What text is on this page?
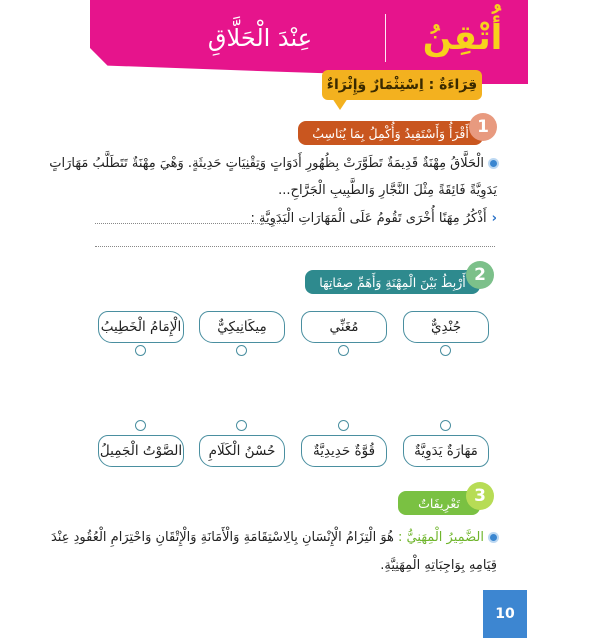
أُتْقِنُ
عِنْدَ الْحَلَّاقِ
قِرَاءَةٌ : اِسْتِثْمَارٌ وَإِثْرَاءٌ
أَقْرَأُ وَأَسْتَفِيدُ وَأُكْمِلُ بِمَا يُنَاسِبُ 1
الْحَلَّاقُ مِهْنَةٌ قَدِيمَةٌ تَطَوَّرَتْ بِظُهُورِ أَدَوَاتٍ وَتِقْنِيَاتٍ حَدِيثَةٍ. وَهْيَ مِهْنَةٌ تَتَطَلَّبُ مَهَارَاتٍ
يَدَوِيَّةً فَائِقَةً مِثْلَ النَّجَّارِ وَالطَّبِيبِ الْجَرَّاحِ...
‹أَذْكُرُ مِهَنًا أُخْرَى تَقُومُ عَلَى الْمَهَارَاتِ الْيَدَوِيَّةِ :
أَرْبِطُ بَيْنَ الْمِهْنَةِ وَأَهَمِّ صِفَاتِهَا 2
جُنْدِيٌّ
مُغَنِّي
مِيكَانِيكِيٌّ
الْإِمَامُ الْخَطِيبُ
مَهَارَةٌ يَدَوِيَّةٌ
قُوَّةٌ حَدِيدِيَّةٌ
حُسْنُ الْكَلَامِ
الصَّوْتُ الْجَمِيلُ
تَعْرِيفَاتٌ 3
الضَّمِيرُ الْمِهَنِيُّ : هُوَ الْتِزَامُ الْإِنْسَانِ بِالِاسْتِقَامَةِ وَالْأَمَانَةِ وَالْإِتْقَانِ وَاحْتِرَامِ الْعُقُودِ عِنْدَ
قِيَامِهِ بِوَاجِبَاتِهِ الْمِهَنِيَّةِ.
10
